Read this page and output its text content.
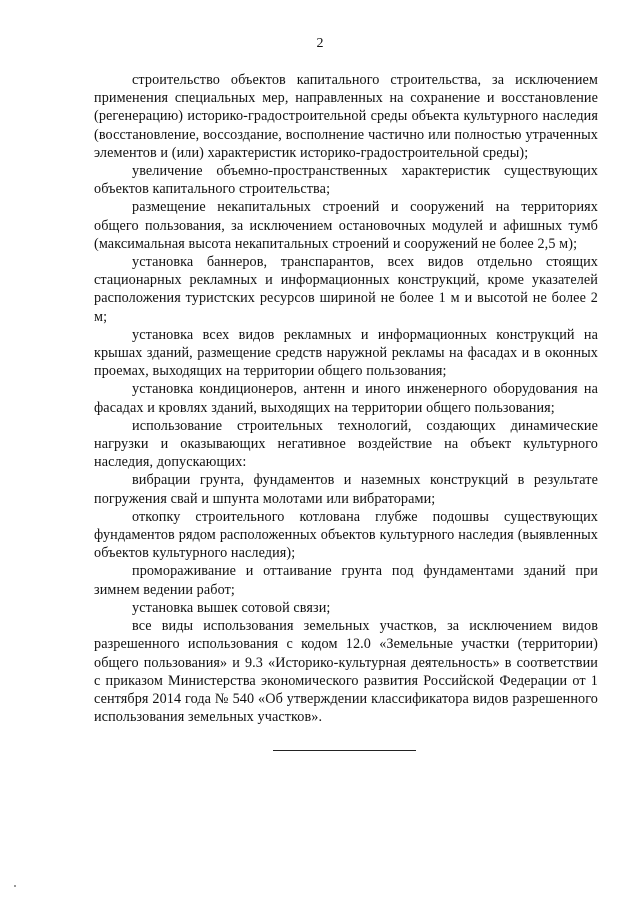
2

строительство объектов капитального строительства, за исключением применения специальных мер, направленных на сохранение и восстановление (регенерацию) историко-градостроительной среды объекта культурного наследия (восстановление, воссоздание, восполнение частично или полностью утраченных элементов и (или) характеристик историко-градостроительной среды);

увеличение объемно-пространственных характеристик существующих объектов капитального строительства;

размещение некапитальных строений и сооружений на территориях общего пользования, за исключением остановочных модулей и афишных тумб (максимальная высота некапитальных строений и сооружений не более 2,5 м);

установка баннеров, транспарантов, всех видов отдельно стоящих стационарных рекламных и информационных конструкций, кроме указателей расположения туристских ресурсов шириной не более 1 м и высотой не более 2 м;

установка всех видов рекламных и информационных конструкций на крышах зданий, размещение средств наружной рекламы на фасадах и в оконных проемах, выходящих на территории общего пользования;

установка кондиционеров, антенн и иного инженерного оборудования на фасадах и кровлях зданий, выходящих на территории общего пользования;

использование строительных технологий, создающих динамические нагрузки и оказывающих негативное воздействие на объект культурного наследия, допускающих:

вибрации грунта, фундаментов и наземных конструкций в результате погружения свай и шпунта молотами или вибраторами;

откопку строительного котлована глубже подошвы существующих фундаментов рядом расположенных объектов культурного наследия (выявленных объектов культурного наследия);

промораживание и оттаивание грунта под фундаментами зданий при зимнем ведении работ;

установка вышек сотовой связи;

все виды использования земельных участков, за исключением видов разрешенного использования с кодом 12.0 «Земельные участки (территории) общего пользования» и 9.3 «Историко-культурная деятельность» в соответствии с приказом Министерства экономического развития Российской Федерации от 1 сентября 2014 года № 540 «Об утверждении классификатора видов разрешенного использования земельных участков».
